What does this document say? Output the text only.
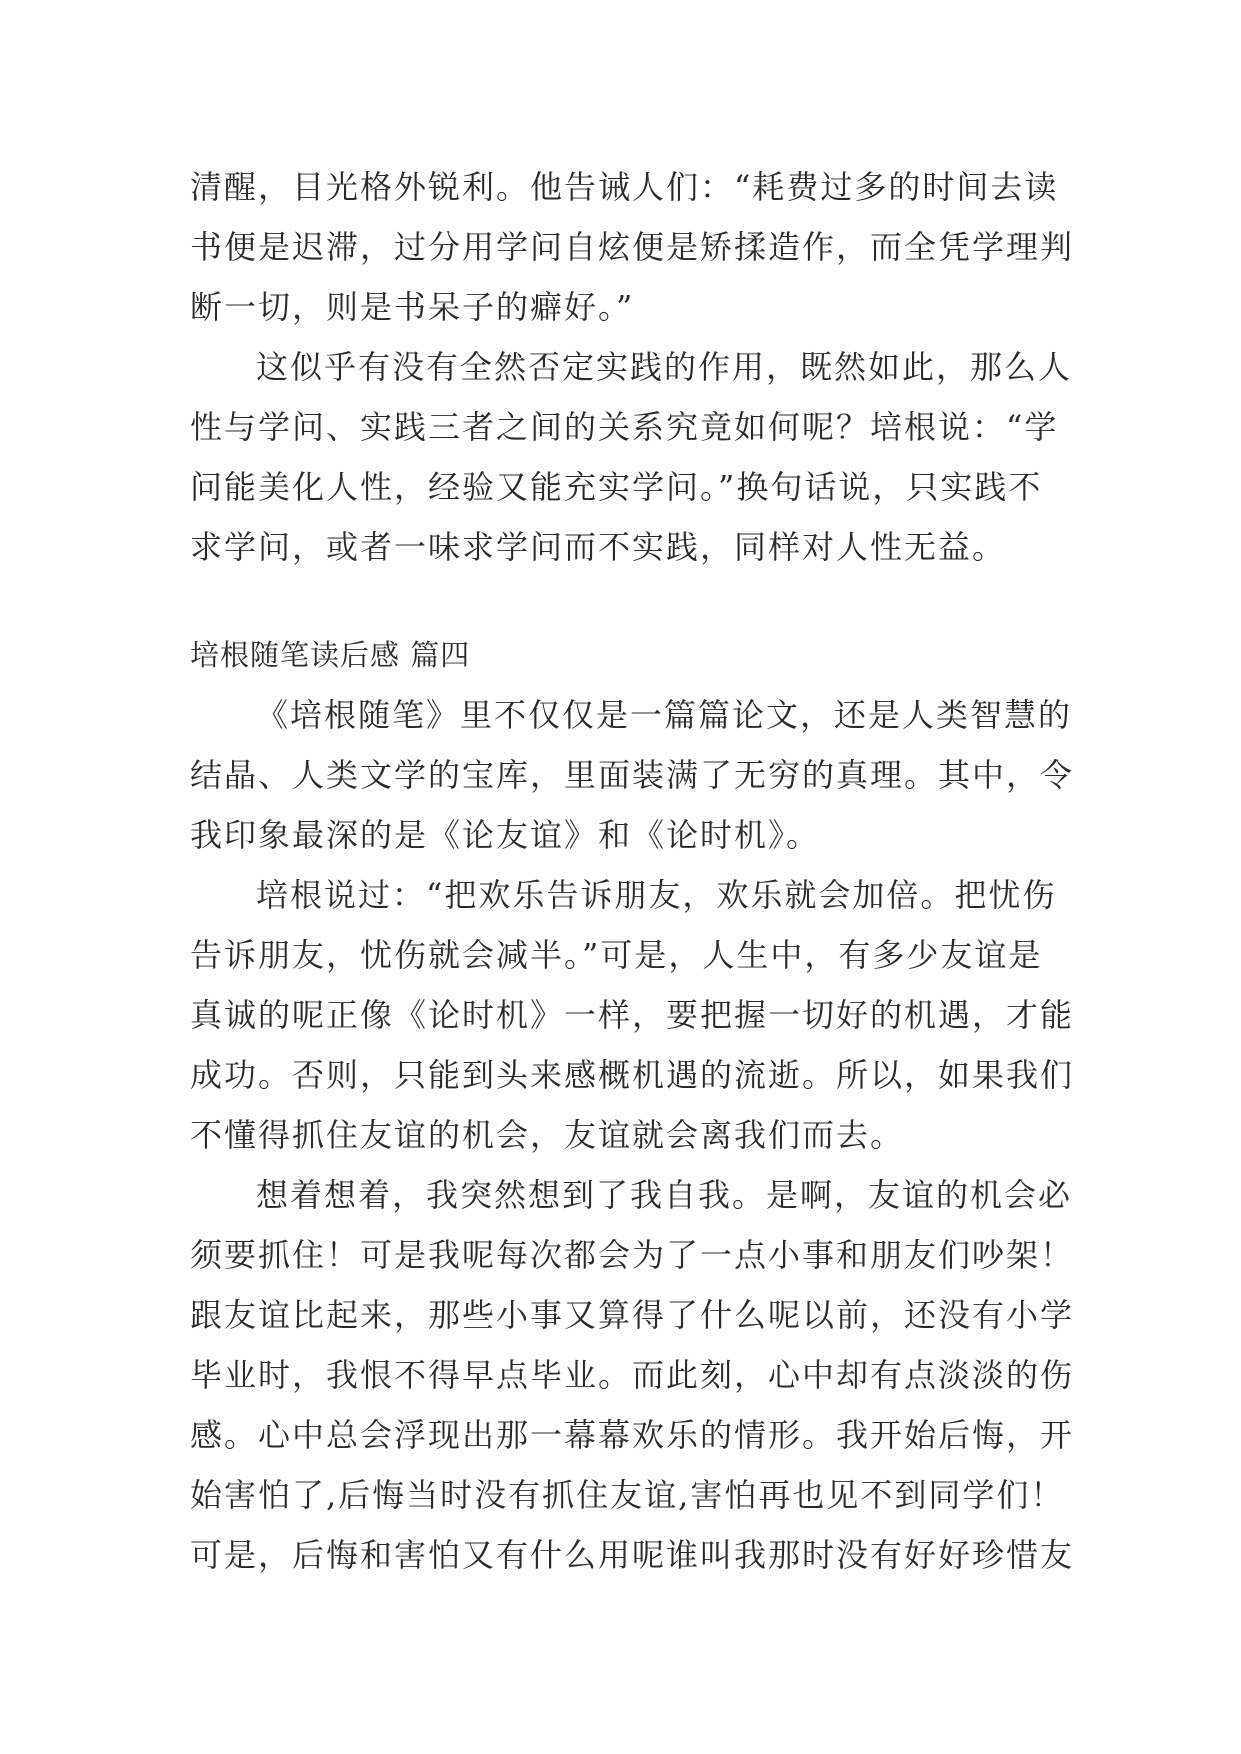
清醒，目光格外锐利。他告诫人们：“耗费过多的时间去读
书便是迟滞，过分用学问自炫便是矫揉造作，而全凭学理判
断一切，则是书呆子的癖好。”
这似乎有没有全然否定实践的作用，既然如此，那么人
性与学问、实践三者之间的关系究竟如何呢？培根说：“学
问能美化人性，经验又能充实学问。”换句话说，只实践不
求学问，或者一味求学问而不实践，同样对人性无益。
培根随笔读后感 篇四
《培根随笔》里不仅仅是一篇篇论文，还是人类智慧的
结晶、人类文学的宝库，里面装满了无穷的真理。其中，令
我印象最深的是《论友谊》和《论时机》。
培根说过：“把欢乐告诉朋友，欢乐就会加倍。把忧伤
告诉朋友，忧伤就会减半。”可是，人生中，有多少友谊是
真诚的呢正像《论时机》一样，要把握一切好的机遇，才能
成功。否则，只能到头来感概机遇的流逝。所以，如果我们
不懂得抓住友谊的机会，友谊就会离我们而去。
想着想着，我突然想到了我自我。是啊，友谊的机会必
须要抓住！可是我呢每次都会为了一点小事和朋友们吵架！
跟友谊比起来，那些小事又算得了什么呢以前，还没有小学
毕业时，我恨不得早点毕业。而此刻，心中却有点淡淡的伤
感。心中总会浮现出那一幕幕欢乐的情形。我开始后悔，开
始害怕了,后悔当时没有抓住友谊,害怕再也见不到同学们！
可是，后悔和害怕又有什么用呢谁叫我那时没有好好珍惜友
